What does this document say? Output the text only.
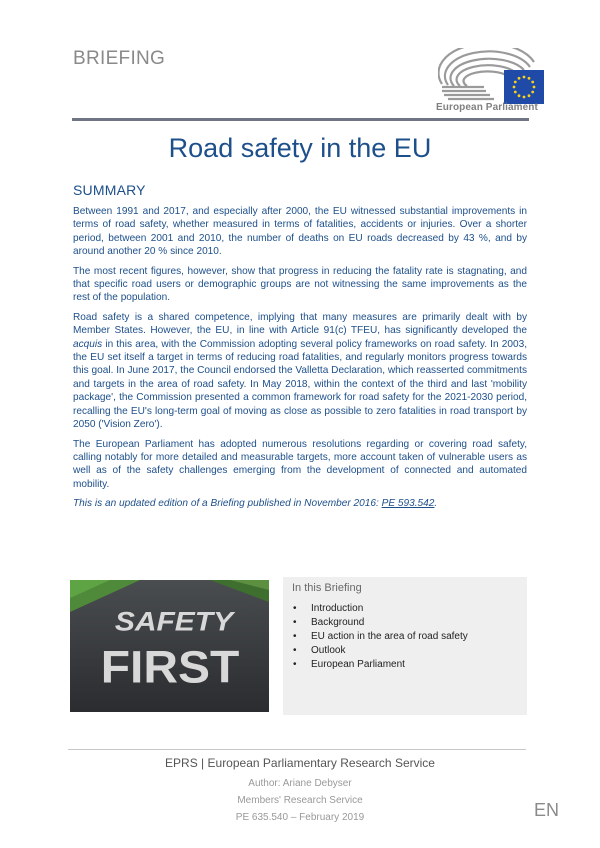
BRIEFING
European Parliament
Road safety in the EU
SUMMARY

Between 1991 and 2017, and especially after 2000, the EU witnessed substantial improvements in terms of road safety, whether measured in terms of fatalities, accidents or injuries. Over a shorter period, between 2001 and 2010, the number of deaths on EU roads decreased by 43 %, and by around another 20 % since 2010.

The most recent figures, however, show that progress in reducing the fatality rate is stagnating, and that specific road users or demographic groups are not witnessing the same improvements as the rest of the population.

Road safety is a shared competence, implying that many measures are primarily dealt with by Member States. However, the EU, in line with Article 91(c) TFEU, has significantly developed the acquis in this area, with the Commission adopting several policy frameworks on road safety. In 2003, the EU set itself a target in terms of reducing road fatalities, and regularly monitors progress towards this goal. In June 2017, the Council endorsed the Valletta Declaration, which reasserted commitments and targets in the area of road safety. In May 2018, within the context of the third and last 'mobility package', the Commission presented a common framework for road safety for the 2021-2030 period, recalling the EU's long-term goal of moving as close as possible to zero fatalities in road transport by 2050 ('Vision Zero').

The European Parliament has adopted numerous resolutions regarding or covering road safety, calling notably for more detailed and measurable targets, more account taken of vulnerable users as well as of the safety challenges emerging from the development of connected and automated mobility.

This is an updated edition of a Briefing published in November 2016: PE 593.542.

SAFETY
FIRST
In this Briefing
• Introduction
• Background
• EU action in the area of road safety
• Outlook
• European Parliament
EPRS | European Parliamentary Research Service
Author: Ariane Debyser
Members' Research Service
PE 635.540 – February 2019	EN
